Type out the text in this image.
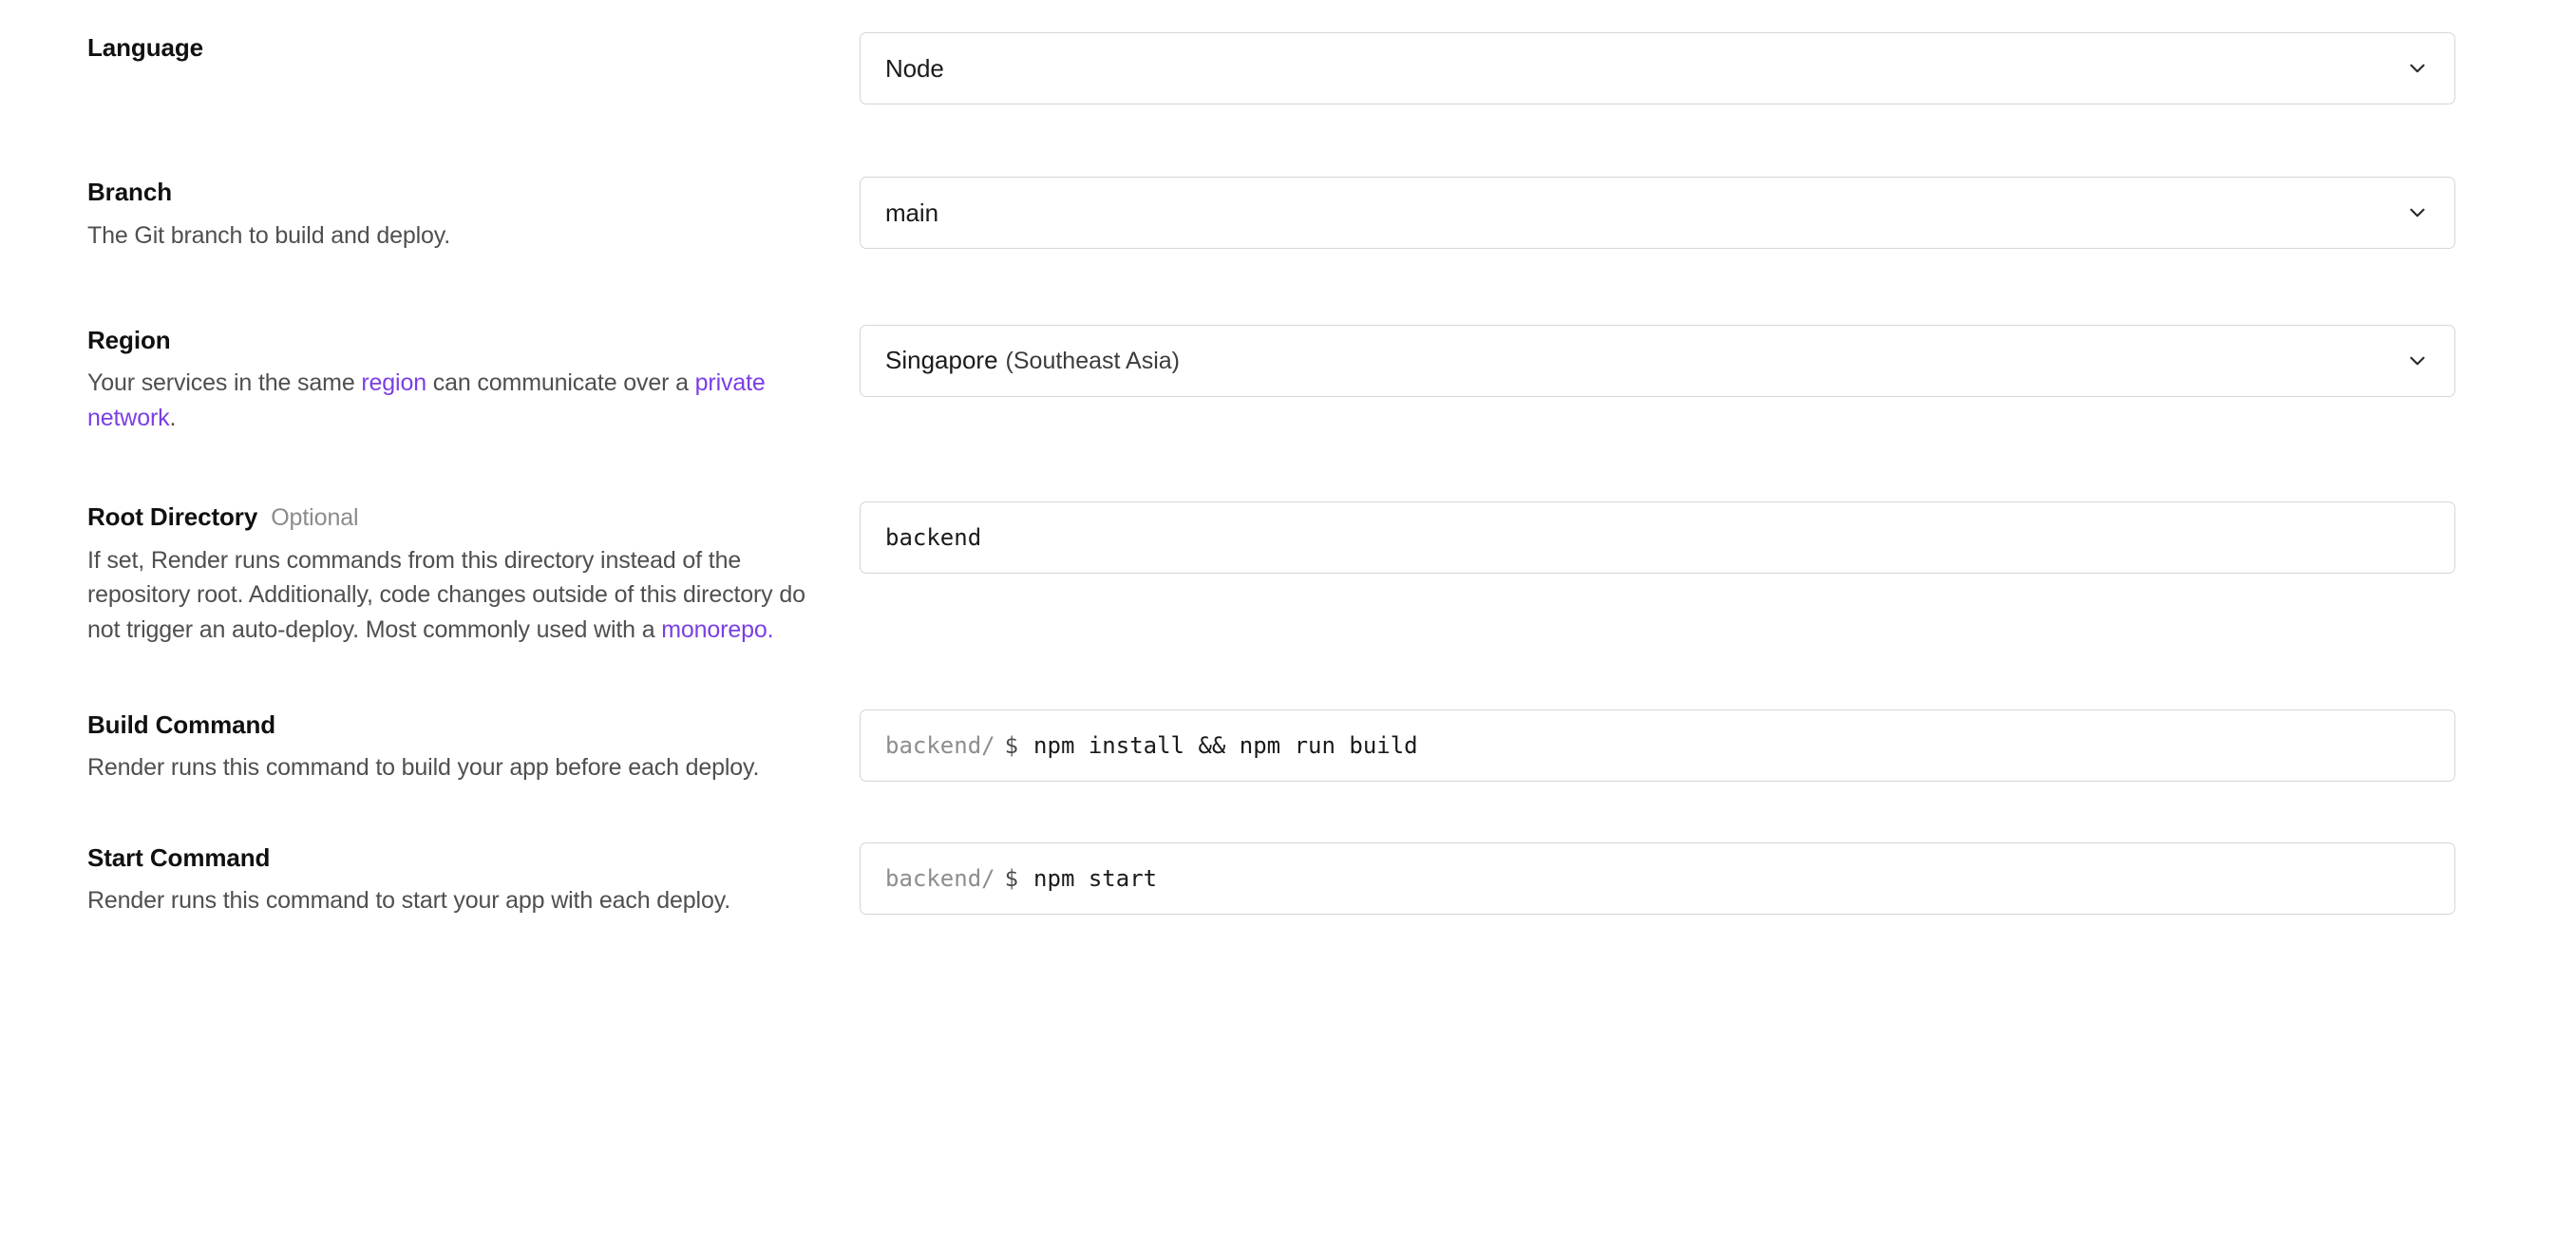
Language
Node
Branch
The Git branch to build and deploy.
main
Region
Your services in the same region can communicate over a private network.
Singapore (Southeast Asia)
Root Directory Optional
If set, Render runs commands from this directory instead of the repository root. Additionally, code changes outside of this directory do not trigger an auto-deploy. Most commonly used with a monorepo.
backend
Build Command
Render runs this command to build your app before each deploy.
backend/ $ npm install && npm run build
Start Command
Render runs this command to start your app with each deploy.
backend/ $ npm start
